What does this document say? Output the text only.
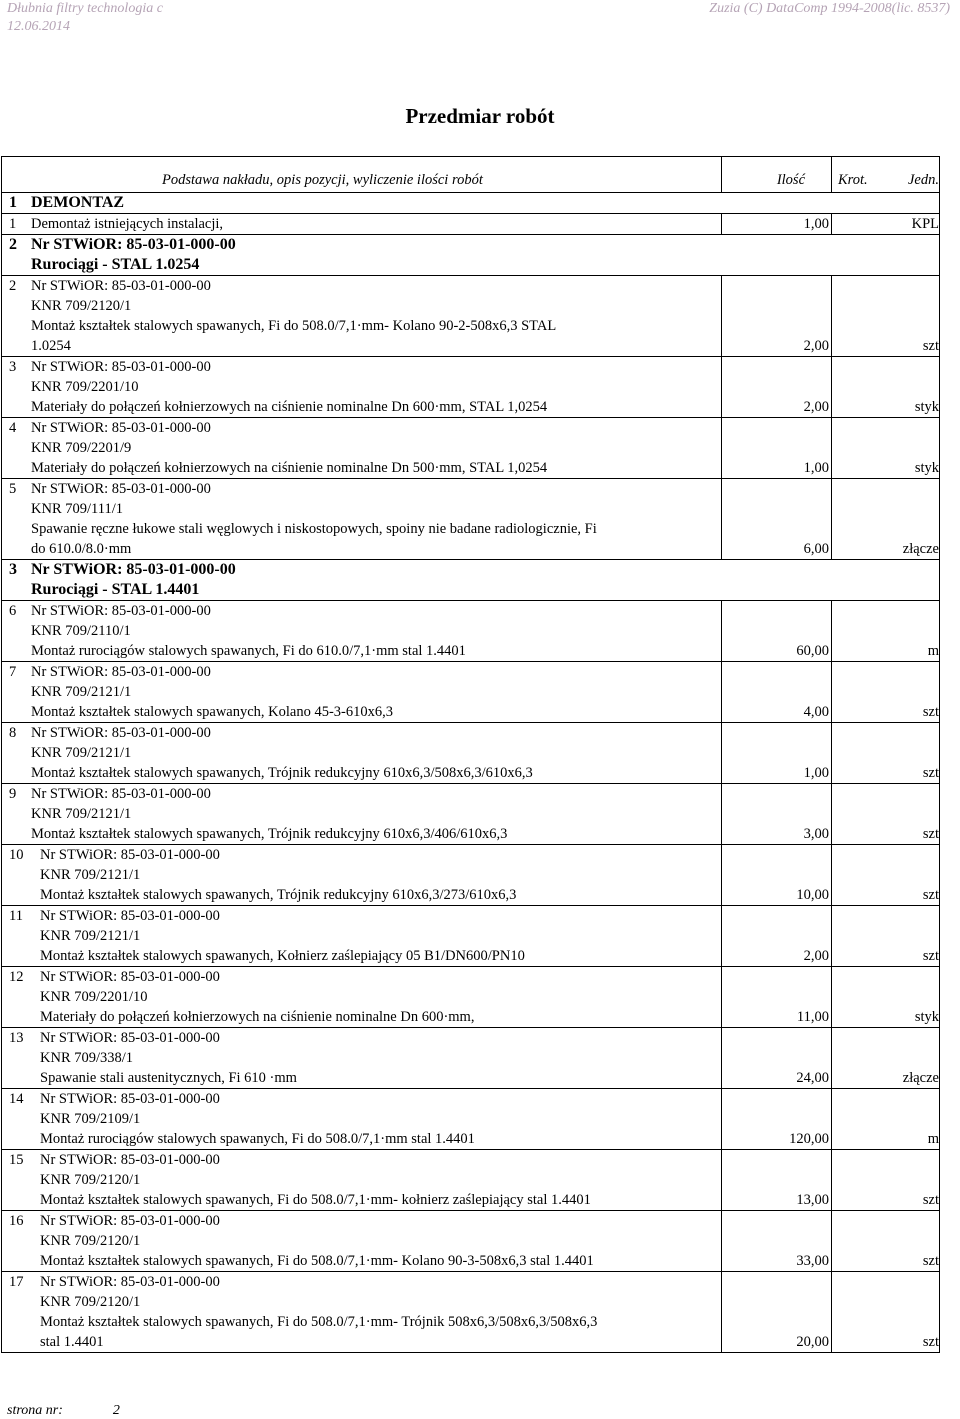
Dłubnia filtry technologia c
12.06.2014
Zuzia (C) DataComp 1994-2008(lic. 8537)
Przedmiar robót
Podstawa nakładu, opis pozycji, wyliczenie ilości robót	Ilość	Krot. Jedn.

1 DEMONTAZ		

1 Demontaż istniejących instalacji,	1,00	KPL

2 Nr STWiOR: 85-03-01-000-00
Rurociągi - STAL 1.0254		

2 Nr STWiOR: 85-03-01-000-00
KNR 709/2120/1
Montaż kształtek stalowych spawanych, Fi do 508.0/7,1·mm- Kolano 90-2-508x6,3 STAL
1.0254	2,00	szt

3 Nr STWiOR: 85-03-01-000-00
KNR 709/2201/10
Materiały do połączeń kołnierzowych na ciśnienie nominalne Dn 600·mm, STAL 1,0254	2,00	styk

4 Nr STWiOR: 85-03-01-000-00
KNR 709/2201/9
Materiały do połączeń kołnierzowych na ciśnienie nominalne Dn 500·mm, STAL 1,0254	1,00	styk

5 Nr STWiOR: 85-03-01-000-00
KNR 709/111/1
Spawanie ręczne łukowe stali węglowych i niskostopowych, spoiny nie badane radiologicznie, Fi
do 610.0/8.0·mm	6,00	złącze

3 Nr STWiOR: 85-03-01-000-00
Rurociągi - STAL 1.4401		

6 Nr STWiOR: 85-03-01-000-00
KNR 709/2110/1
Montaż rurociągów stalowych spawanych, Fi do 610.0/7,1·mm stal 1.4401	60,00	m

7 Nr STWiOR: 85-03-01-000-00
KNR 709/2121/1
Montaż kształtek stalowych spawanych, Kolano 45-3-610x6,3	4,00	szt

8 Nr STWiOR: 85-03-01-000-00
KNR 709/2121/1
Montaż kształtek stalowych spawanych, Trójnik redukcyjny 610x6,3/508x6,3/610x6,3	1,00	szt

9 Nr STWiOR: 85-03-01-000-00
KNR 709/2121/1
Montaż kształtek stalowych spawanych, Trójnik redukcyjny 610x6,3/406/610x6,3	3,00	szt

10 Nr STWiOR: 85-03-01-000-00
KNR 709/2121/1
Montaż kształtek stalowych spawanych, Trójnik redukcyjny 610x6,3/273/610x6,3	10,00	szt

11 Nr STWiOR: 85-03-01-000-00
KNR 709/2121/1
Montaż kształtek stalowych spawanych, Kołnierz zaślepiający 05 B1/DN600/PN10	2,00	szt

12 Nr STWiOR: 85-03-01-000-00
KNR 709/2201/10
Materiały do połączeń kołnierzowych na ciśnienie nominalne Dn 600·mm,	11,00	styk

13 Nr STWiOR: 85-03-01-000-00
KNR 709/338/1
Spawanie stali austenitycznych, Fi 610 ·mm	24,00	złącze

14 Nr STWiOR: 85-03-01-000-00
KNR 709/2109/1
Montaż rurociągów stalowych spawanych, Fi do 508.0/7,1·mm stal 1.4401	120,00	m

15 Nr STWiOR: 85-03-01-000-00
KNR 709/2120/1
Montaż kształtek stalowych spawanych, Fi do 508.0/7,1·mm- kołnierz zaślepiający stal 1.4401	13,00	szt

16 Nr STWiOR: 85-03-01-000-00
KNR 709/2120/1
Montaż kształtek stalowych spawanych, Fi do 508.0/7,1·mm- Kolano 90-3-508x6,3 stal 1.4401	33,00	szt

17 Nr STWiOR: 85-03-01-000-00
KNR 709/2120/1
Montaż kształtek stalowych spawanych, Fi do 508.0/7,1·mm- Trójnik 508x6,3/508x6,3/508x6,3
stal 1.4401	20,00	szt
strona nr:	2
